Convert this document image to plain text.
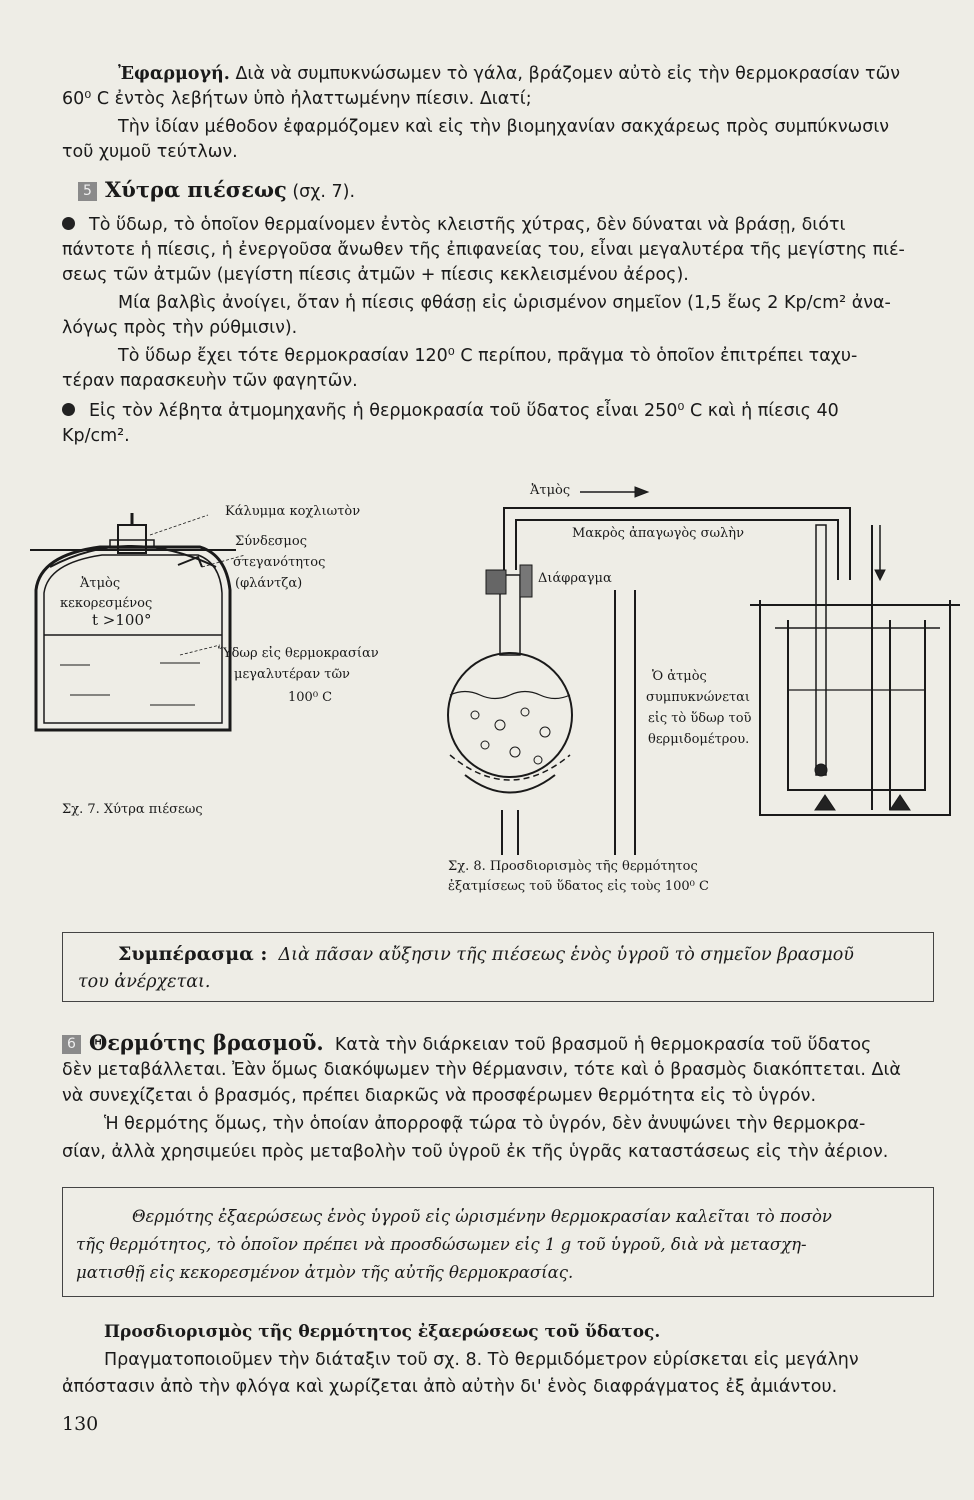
Ἐφαρμογή. Διὰ νὰ συμπυκνώσωμεν τὸ γάλα, βράζομεν αὐτὸ εἰς τὴν θερμοκρασίαν τῶν

60⁰ C ἐντὸς λεβήτων ὑπὸ ἠλαττωμένην πίεσιν. Διατί;

Τὴν ἰδίαν μέθοδον ἐφαρμόζομεν καὶ εἰς τὴν βιομηχανίαν σακχάρεως πρὸς συμπύκνωσιν

τοῦ χυμοῦ τεύτλων.

5 Χύτρα πιέσεως (σχ. 7).

Τὸ ὕδωρ, τὸ ὁποῖον θερμαίνομεν ἐντὸς κλειστῆς χύτρας, δὲν δύναται νὰ βράσῃ, διότι

πάντοτε ἡ πίεσις, ἡ ἐνεργοῦσα ἄνωθεν τῆς ἐπιφανείας του, εἶναι μεγαλυτέρα τῆς μεγίστης πιέ-

σεως τῶν ἀτμῶν (μεγίστη πίεσις ἀτμῶν + πίεσις κεκλεισμένου ἀέρος).

Μία βαλβὶς ἀνοίγει, ὅταν ἡ πίεσις φθάσῃ εἰς ὡρισμένον σημεῖον (1,5 ἕως 2 Kp/cm² ἀνα-

λόγως πρὸς τὴν ρύθμισιν).

Τὸ ὕδωρ ἔχει τότε θερμοκρασίαν 120⁰ C περίπου, πρᾶγμα τὸ ὁποῖον ἐπιτρέπει ταχυ-

τέραν παρασκευὴν τῶν φαγητῶν.

Εἰς τὸν λέβητα ἀτμομηχανῆς ἡ θερμοκρασία τοῦ ὕδατος εἶναι 250⁰ C καὶ ἡ πίεσις 40

Kp/cm².

Κάλυμμα κοχλιωτὸν
Σύνδεσμος
στεγανότητος
(φλάντζα)
Ἀτμὸς
κεκορεσμένος
t >100°
Ὕδωρ εἰς θερμοκρασίαν
μεγαλυτέραν τῶν
100⁰ C
Σχ. 7. Χύτρα πιέσεως
Ἀτμὸς
Μακρὸς ἀπαγωγὸς σωλὴν
Διάφραγμα
Ὁ ἀτμὸς
συμπυκνώνεται
εἰς τὸ ὕδωρ τοῦ
θερμιδομέτρου.
Σχ. 8. Προσδιορισμὸς τῆς θερμότητος
ἐξατμίσεως τοῦ ὕδατος εἰς τοὺς 100⁰ C

Συμπέρασμα : Διὰ πᾶσαν αὔξησιν τῆς πιέσεως ἑνὸς ὑγροῦ τὸ σημεῖον βρασμοῦ

του ἀνέρχεται.

6 Θερμότης βρασμοῦ. Κατὰ τὴν διάρκειαν τοῦ βρασμοῦ ἡ θερμοκρασία τοῦ ὕδατος

δὲν μεταβάλλεται. Ἐὰν ὅμως διακόψωμεν τὴν θέρμανσιν, τότε καὶ ὁ βρασμὸς διακόπτεται. Διὰ

νὰ συνεχίζεται ὁ βρασμός, πρέπει διαρκῶς νὰ προσφέρωμεν θερμότητα εἰς τὸ ὑγρόν.

Ἡ θερμότης ὅμως, τὴν ὁποίαν ἀπορροφᾷ τώρα τὸ ὑγρόν, δὲν ἀνυψώνει τὴν θερμοκρα-

σίαν, ἀλλὰ χρησιμεύει πρὸς μεταβολὴν τοῦ ὑγροῦ ἐκ τῆς ὑγρᾶς καταστάσεως εἰς τὴν ἀέριον.

Θερμότης ἐξαερώσεως ἑνὸς ὑγροῦ εἰς ὡρισμένην θερμοκρασίαν καλεῖται τὸ ποσὸν

τῆς θερμότητος, τὸ ὁποῖον πρέπει νὰ προσδώσωμεν εἰς 1 g τοῦ ὑγροῦ, διὰ νὰ μετασχη-

ματισθῇ εἰς κεκορεσμένον ἀτμὸν τῆς αὐτῆς θερμοκρασίας.

Προσδιορισμὸς τῆς θερμότητος ἐξαερώσεως τοῦ ὕδατος.

Πραγματοποιοῦμεν τὴν διάταξιν τοῦ σχ. 8. Τὸ θερμιδόμετρον εὑρίσκεται εἰς μεγάλην

ἀπόστασιν ἀπὸ τὴν φλόγα καὶ χωρίζεται ἀπὸ αὐτὴν δι' ἑνὸς διαφράγματος ἐξ ἀμιάντου.

130
